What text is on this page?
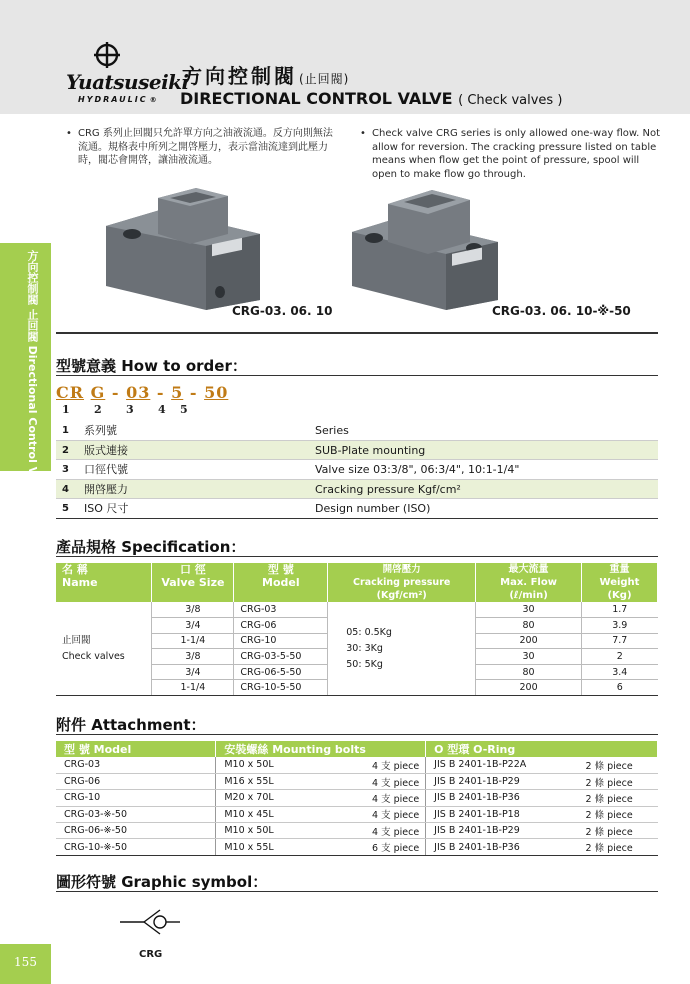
Yuatsuseiki
HYDRAULIC ®
方向控制閥 (止回閥)
DIRECTIONAL CONTROL VALVE ( Check valves )
方向控制閥 止回閥 Directional Control Valve (Check valves)
155
• CRG 系列止回閥只允許單方向之油液流通。反方向則無法流通。規格表中所列之開啓壓力，表示當油流達到此壓力時，閥芯會開啓，讓油液流通。
• Check valve CRG series is only allowed one-way flow. Not allow for reversion. The cracking pressure listed on table means when flow get the point of pressure, spool will open to make flow go through.
CRG-03. 06. 10	CRG-03. 06. 10-※-50
型號意義 How to order：
CR G - 03 - 5 - 50
1 2 3 4 5
1 系列號	Series
2 版式連接	SUB-Plate mounting
3 口徑代號	Valve size 03:3/8", 06:3/4", 10:1-1/4"
4 開啓壓力	Cracking pressure Kgf/cm²
5 ISO 尺寸	Design number (ISO)
產品規格 Specification：
名 稱
Name	口 徑
Valve Size	型 號
Model	開啓壓力
Cracking pressure (Kgf/cm²)	最大流量
Max. Flow (ℓ/min)	重量
Weight (Kg)
止回閥
Check valves	3/8	CRG-03	05: 0.5Kg
30: 3Kg
50: 5Kg	30	1.7
	3/4	CRG-06		80	3.9
	1-1/4	CRG-10		200	7.7
	3/8	CRG-03-5-50		30	2
	3/4	CRG-06-5-50		80	3.4
	1-1/4	CRG-10-5-50		200	6
附件 Attachment：
型 號 Model	安裝螺絲 Mounting bolts		O 型環 O-Ring	
CRG-03	M10 x 50L	4 支 piece	JIS B 2401-1B-P22A	2 條 piece
CRG-06	M16 x 55L	4 支 piece	JIS B 2401-1B-P29	2 條 piece
CRG-10	M20 x 70L	4 支 piece	JIS B 2401-1B-P36	2 條 piece
CRG-03-※-50	M10 x 45L	4 支 piece	JIS B 2401-1B-P18	2 條 piece
CRG-06-※-50	M10 x 50L	4 支 piece	JIS B 2401-1B-P29	2 條 piece
CRG-10-※-50	M10 x 55L	6 支 piece	JIS B 2401-1B-P36	2 條 piece
圖形符號 Graphic symbol：
CRG
